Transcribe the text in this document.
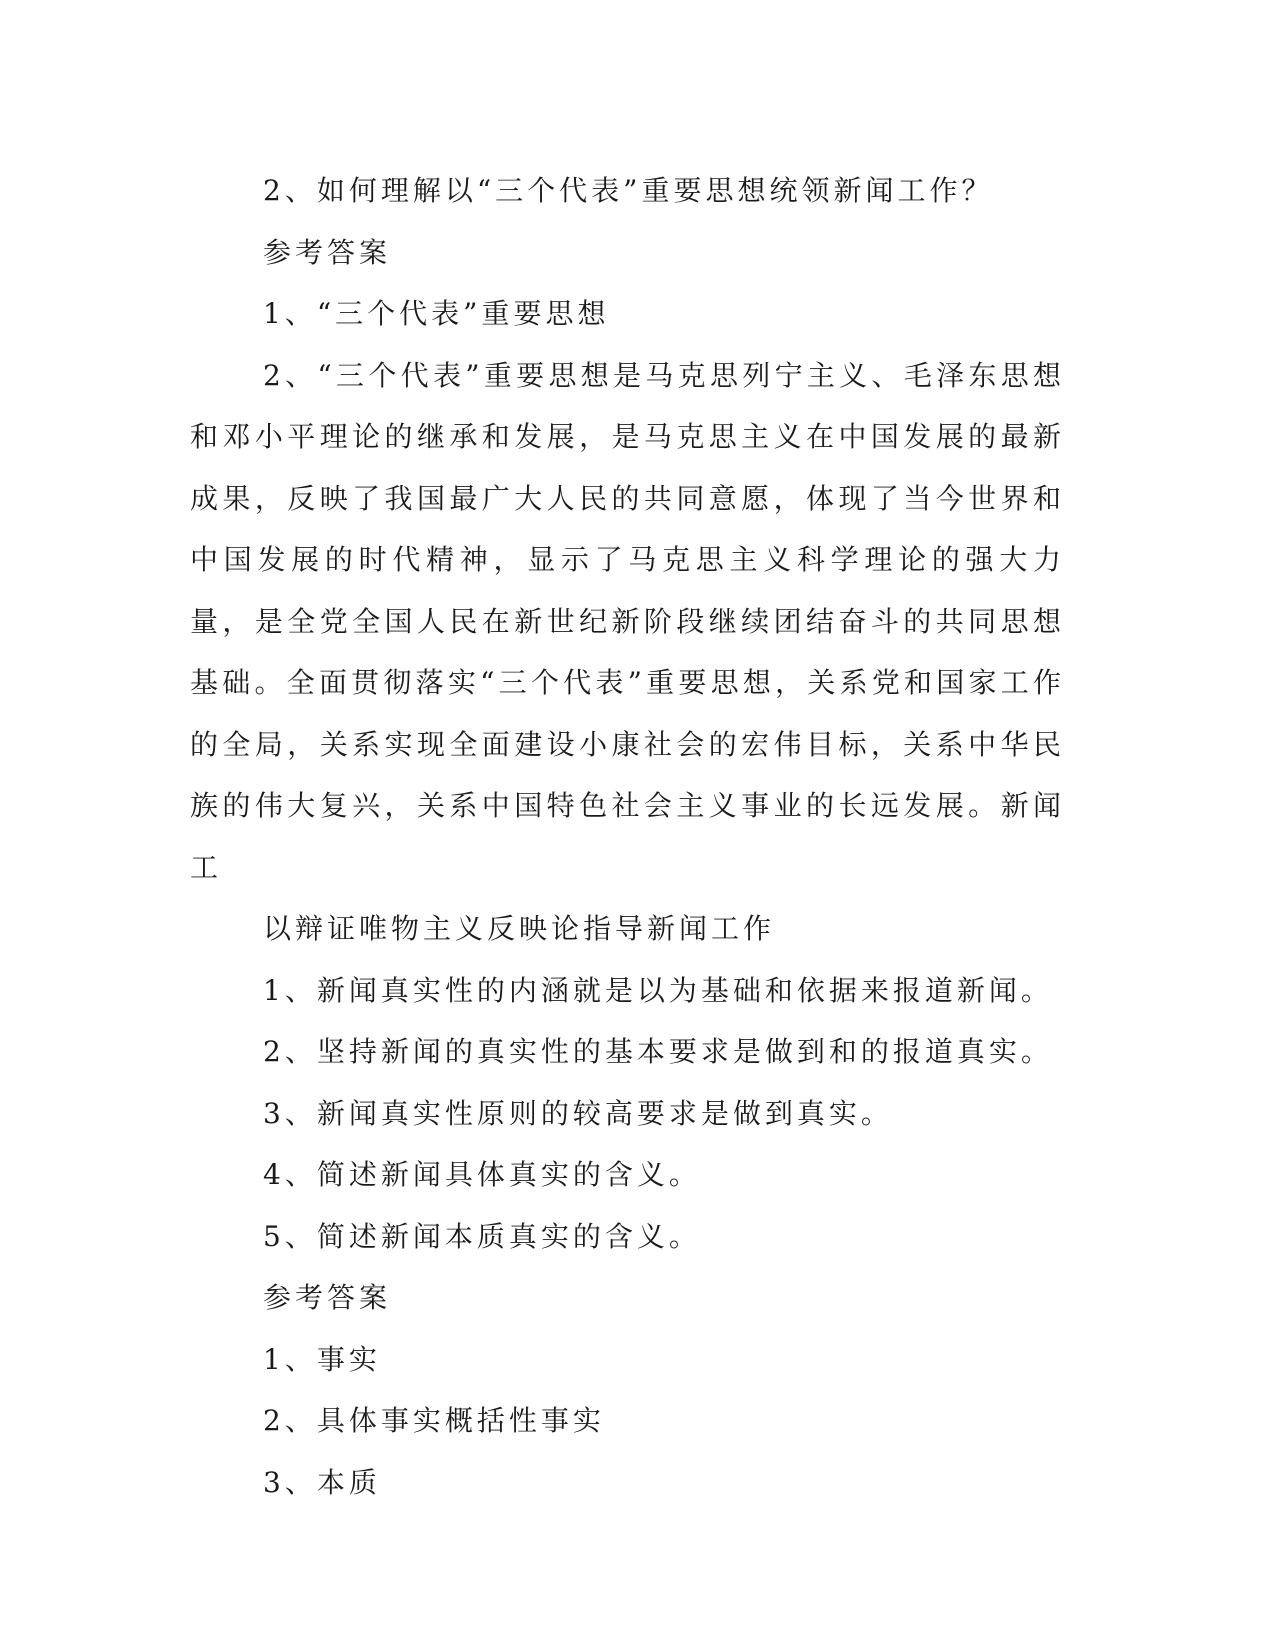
2、如何理解以“三个代表”重要思想统领新闻工作？

参考答案

1、“三个代表”重要思想

2、“三个代表”重要思想是马克思列宁主义、毛泽东思想和邓小平理论的继承和发展，是马克思主义在中国发展的最新成果，反映了我国最广大人民的共同意愿，体现了当今世界和中国发展的时代精神，显示了马克思主义科学理论的强大力量，是全党全国人民在新世纪新阶段继续团结奋斗的共同思想基础。全面贯彻落实“三个代表”重要思想，关系党和国家工作的全局，关系实现全面建设小康社会的宏伟目标，关系中华民族的伟大复兴，关系中国特色社会主义事业的长远发展。新闻工

以辩证唯物主义反映论指导新闻工作

1、新闻真实性的内涵就是以为基础和依据来报道新闻。

2、坚持新闻的真实性的基本要求是做到和的报道真实。

3、新闻真实性原则的较高要求是做到真实。

4、简述新闻具体真实的含义。

5、简述新闻本质真实的含义。

参考答案

1、事实

2、具体事实概括性事实

3、本质
